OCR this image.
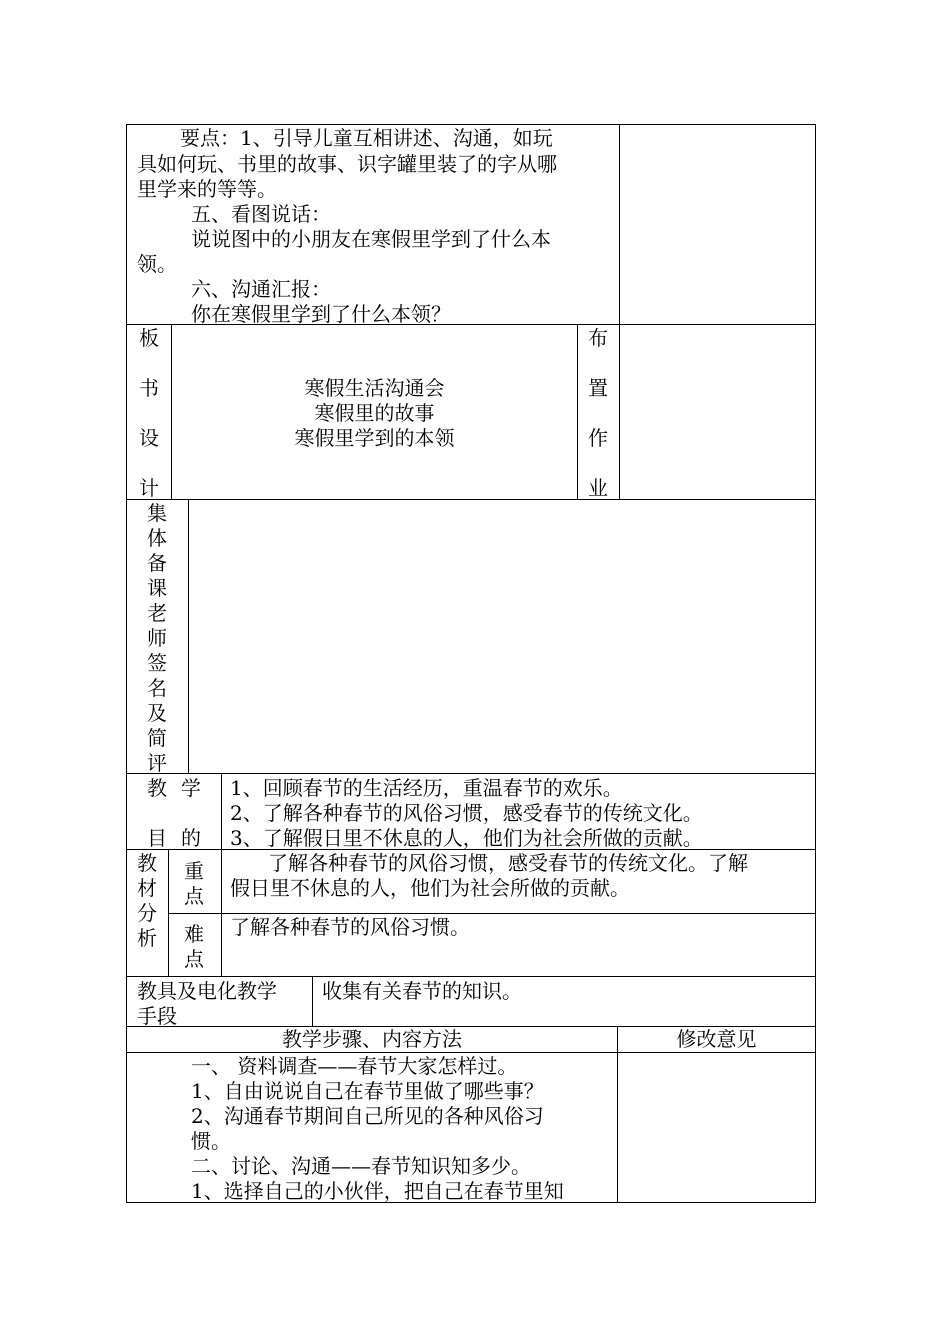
要点：1、引导儿童互相讲述、沟通，如玩
具如何玩、书里的故事、识字罐里装了的字从哪
里学来的等等。
五、看图说话：
说说图中的小朋友在寒假里学到了什么本
领。
六、沟通汇报：
你在寒假里学到了什么本领？
板
书
设
计
寒假生活沟通会
寒假里的故事
寒假里学到的本领
布
置
作
业
集
体
备
课
老
师
签
名
及
简
评
教 学
目 的
1、回顾春节的生活经历，重温春节的欢乐。
2、了解各种春节的风俗习惯，感受春节的传统文化。
3、了解假日里不休息的人，他们为社会所做的贡献。
教
材
分
析
重
点
了解各种春节的风俗习惯，感受春节的传统文化。了解
假日里不休息的人，他们为社会所做的贡献。
难
点
了解各种春节的风俗习惯。
教具及电化教学
手段
收集有关春节的知识。
教学步骤、内容方法	修改意见
一、 资料调查——春节大家怎样过。
1、自由说说自己在春节里做了哪些事？
2、沟通春节期间自己所见的各种风俗习
惯。
二、讨论、沟通——春节知识知多少。
1、选择自己的小伙伴，把自己在春节里知
